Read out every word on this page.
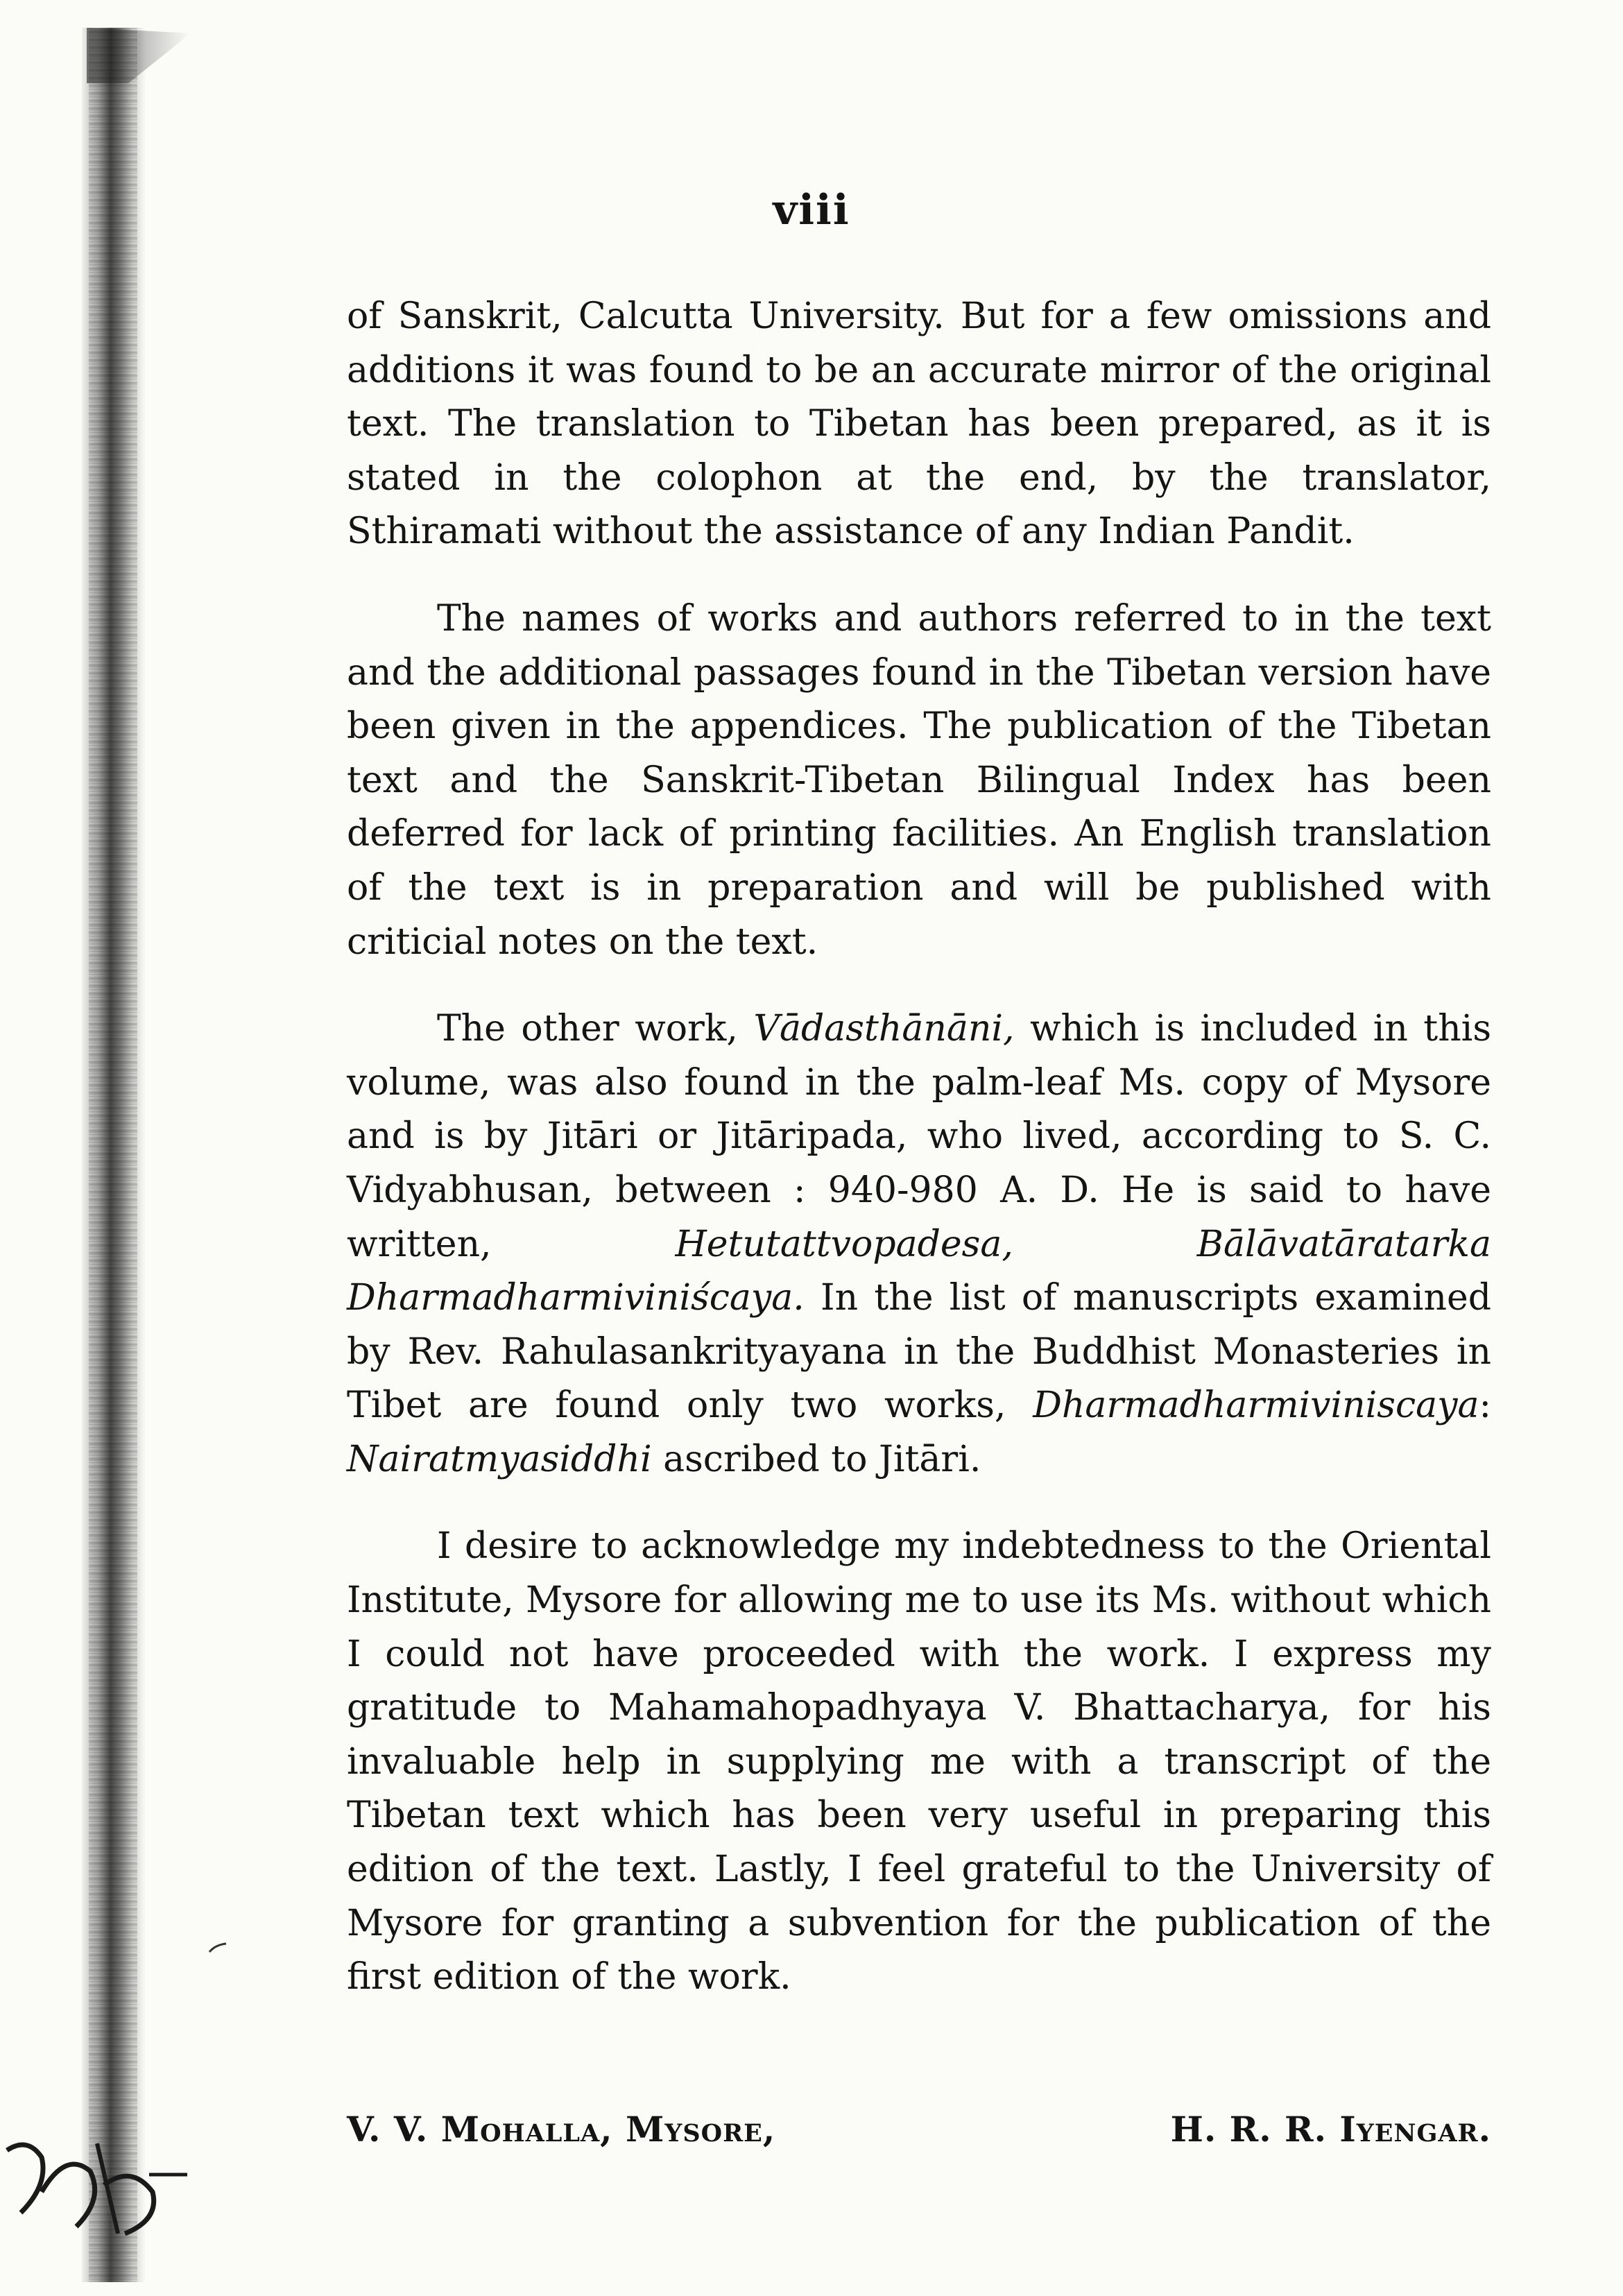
viii

of Sanskrit, Calcutta University. But for a few omissions and additions it was found to be an accurate mirror of the original text. The translation to Tibetan has been prepared, as it is stated in the colophon at the end, by the translator, Sthiramati without the assistance of any Indian Pandit.

The names of works and authors referred to in the text and the additional passages found in the Tibetan version have been given in the appendices. The publication of the Tibetan text and the Sanskrit-Tibetan Bilingual Index has been deferred for lack of printing facilities. An English translation of the text is in preparation and will be published with criticial notes on the text.

The other work, Vādasthānāni, which is included in this volume, was also found in the palm-leaf Ms. copy of Mysore and is by Jitāri or Jitāripada, who lived, according to S. C. Vidyabhusan, between : 940-980 A. D. He is said to have written, Hetutattvopadesa, Bālāvatāratarka Dharmadharmiviniścaya. In the list of manuscripts examined by Rev. Rahulasankrityayana in the Buddhist Monasteries in Tibet are found only two works, Dharmadharmiviniscaya: Nairatmyasiddhi ascribed to Jitāri.

I desire to acknowledge my indebtedness to the Oriental Institute, Mysore for allowing me to use its Ms. without which I could not have proceeded with the work. I express my gratitude to Mahamahopadhyaya V. Bhattacharya, for his invaluable help in supplying me with a transcript of the Tibetan text which has been very useful in preparing this edition of the text. Lastly, I feel grateful to the University of Mysore for granting a subvention for the publication of the first edition of the work.

V. V. Mohalla, Mysore,	H. R. R. Iyengar.
